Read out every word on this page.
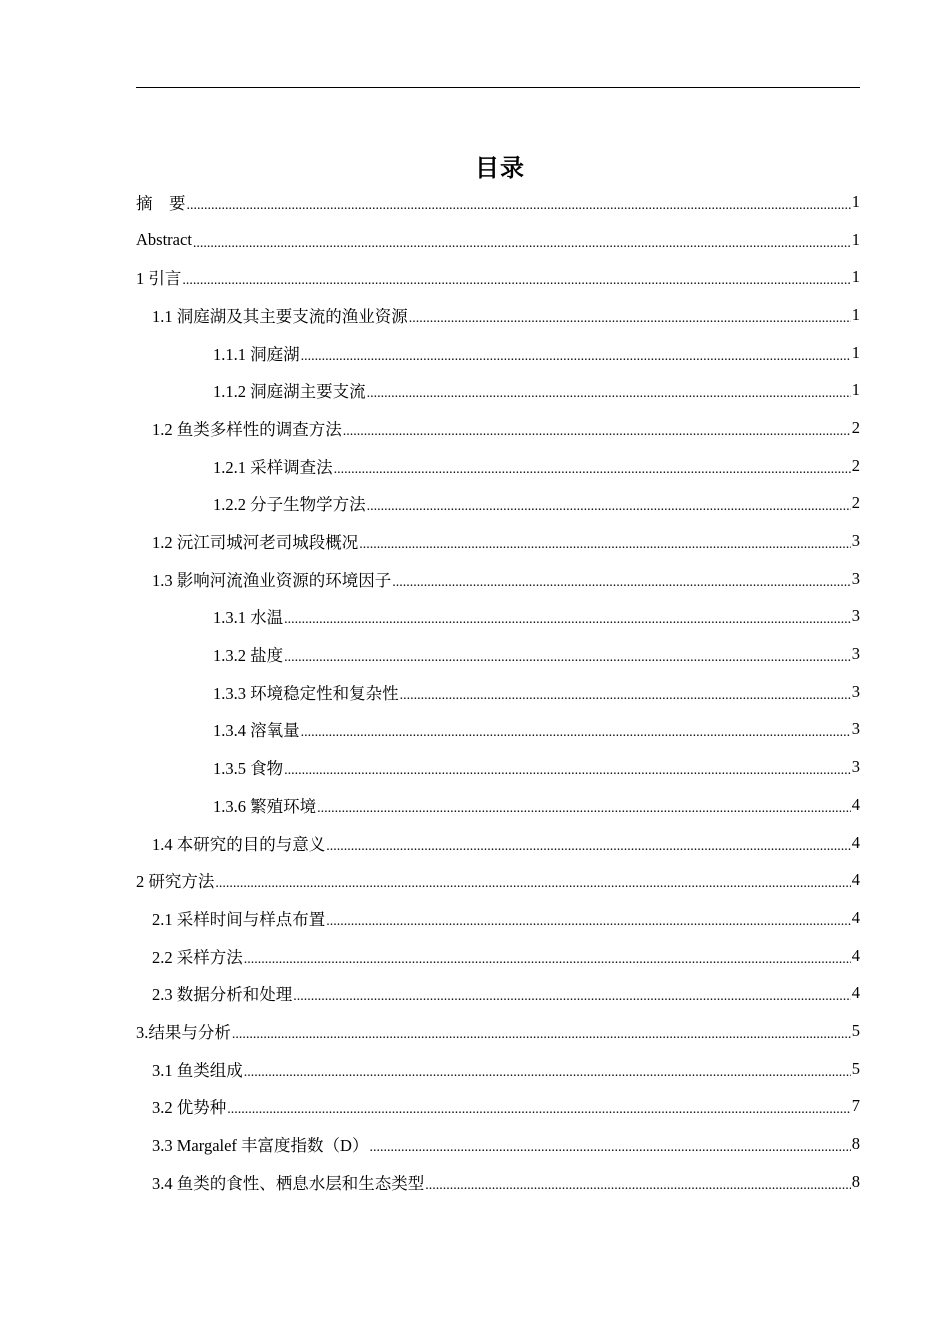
目录
摘　要 .....	1
Abstract .....	1
1 引言 .....	1
1.1 洞庭湖及其主要支流的渔业资源 .....	1
1.1.1 洞庭湖 .....	1
1.1.2 洞庭湖主要支流 .....	1
1.2 鱼类多样性的调查方法 .....	2
1.2.1 采样调查法 .....	2
1.2.2 分子生物学方法 .....	2
1.2 沅江司城河老司城段概况 .....	3
1.3 影响河流渔业资源的环境因子 .....	3
1.3.1 水温 .....	3
1.3.2 盐度 .....	3
1.3.3 环境稳定性和复杂性 .....	3
1.3.4 溶氧量 .....	3
1.3.5 食物 .....	3
1.3.6 繁殖环境 .....	4
1.4 本研究的目的与意义 .....	4
2 研究方法 .....	4
2.1 采样时间与样点布置 .....	4
2.2 采样方法 .....	4
2.3 数据分析和处理 .....	4
3.结果与分析 .....	5
3.1 鱼类组成 .....	5
3.2 优势种 .....	7
3.3 Margalef 丰富度指数（D） .....	8
3.4 鱼类的食性、栖息水层和生态类型 .....	8
